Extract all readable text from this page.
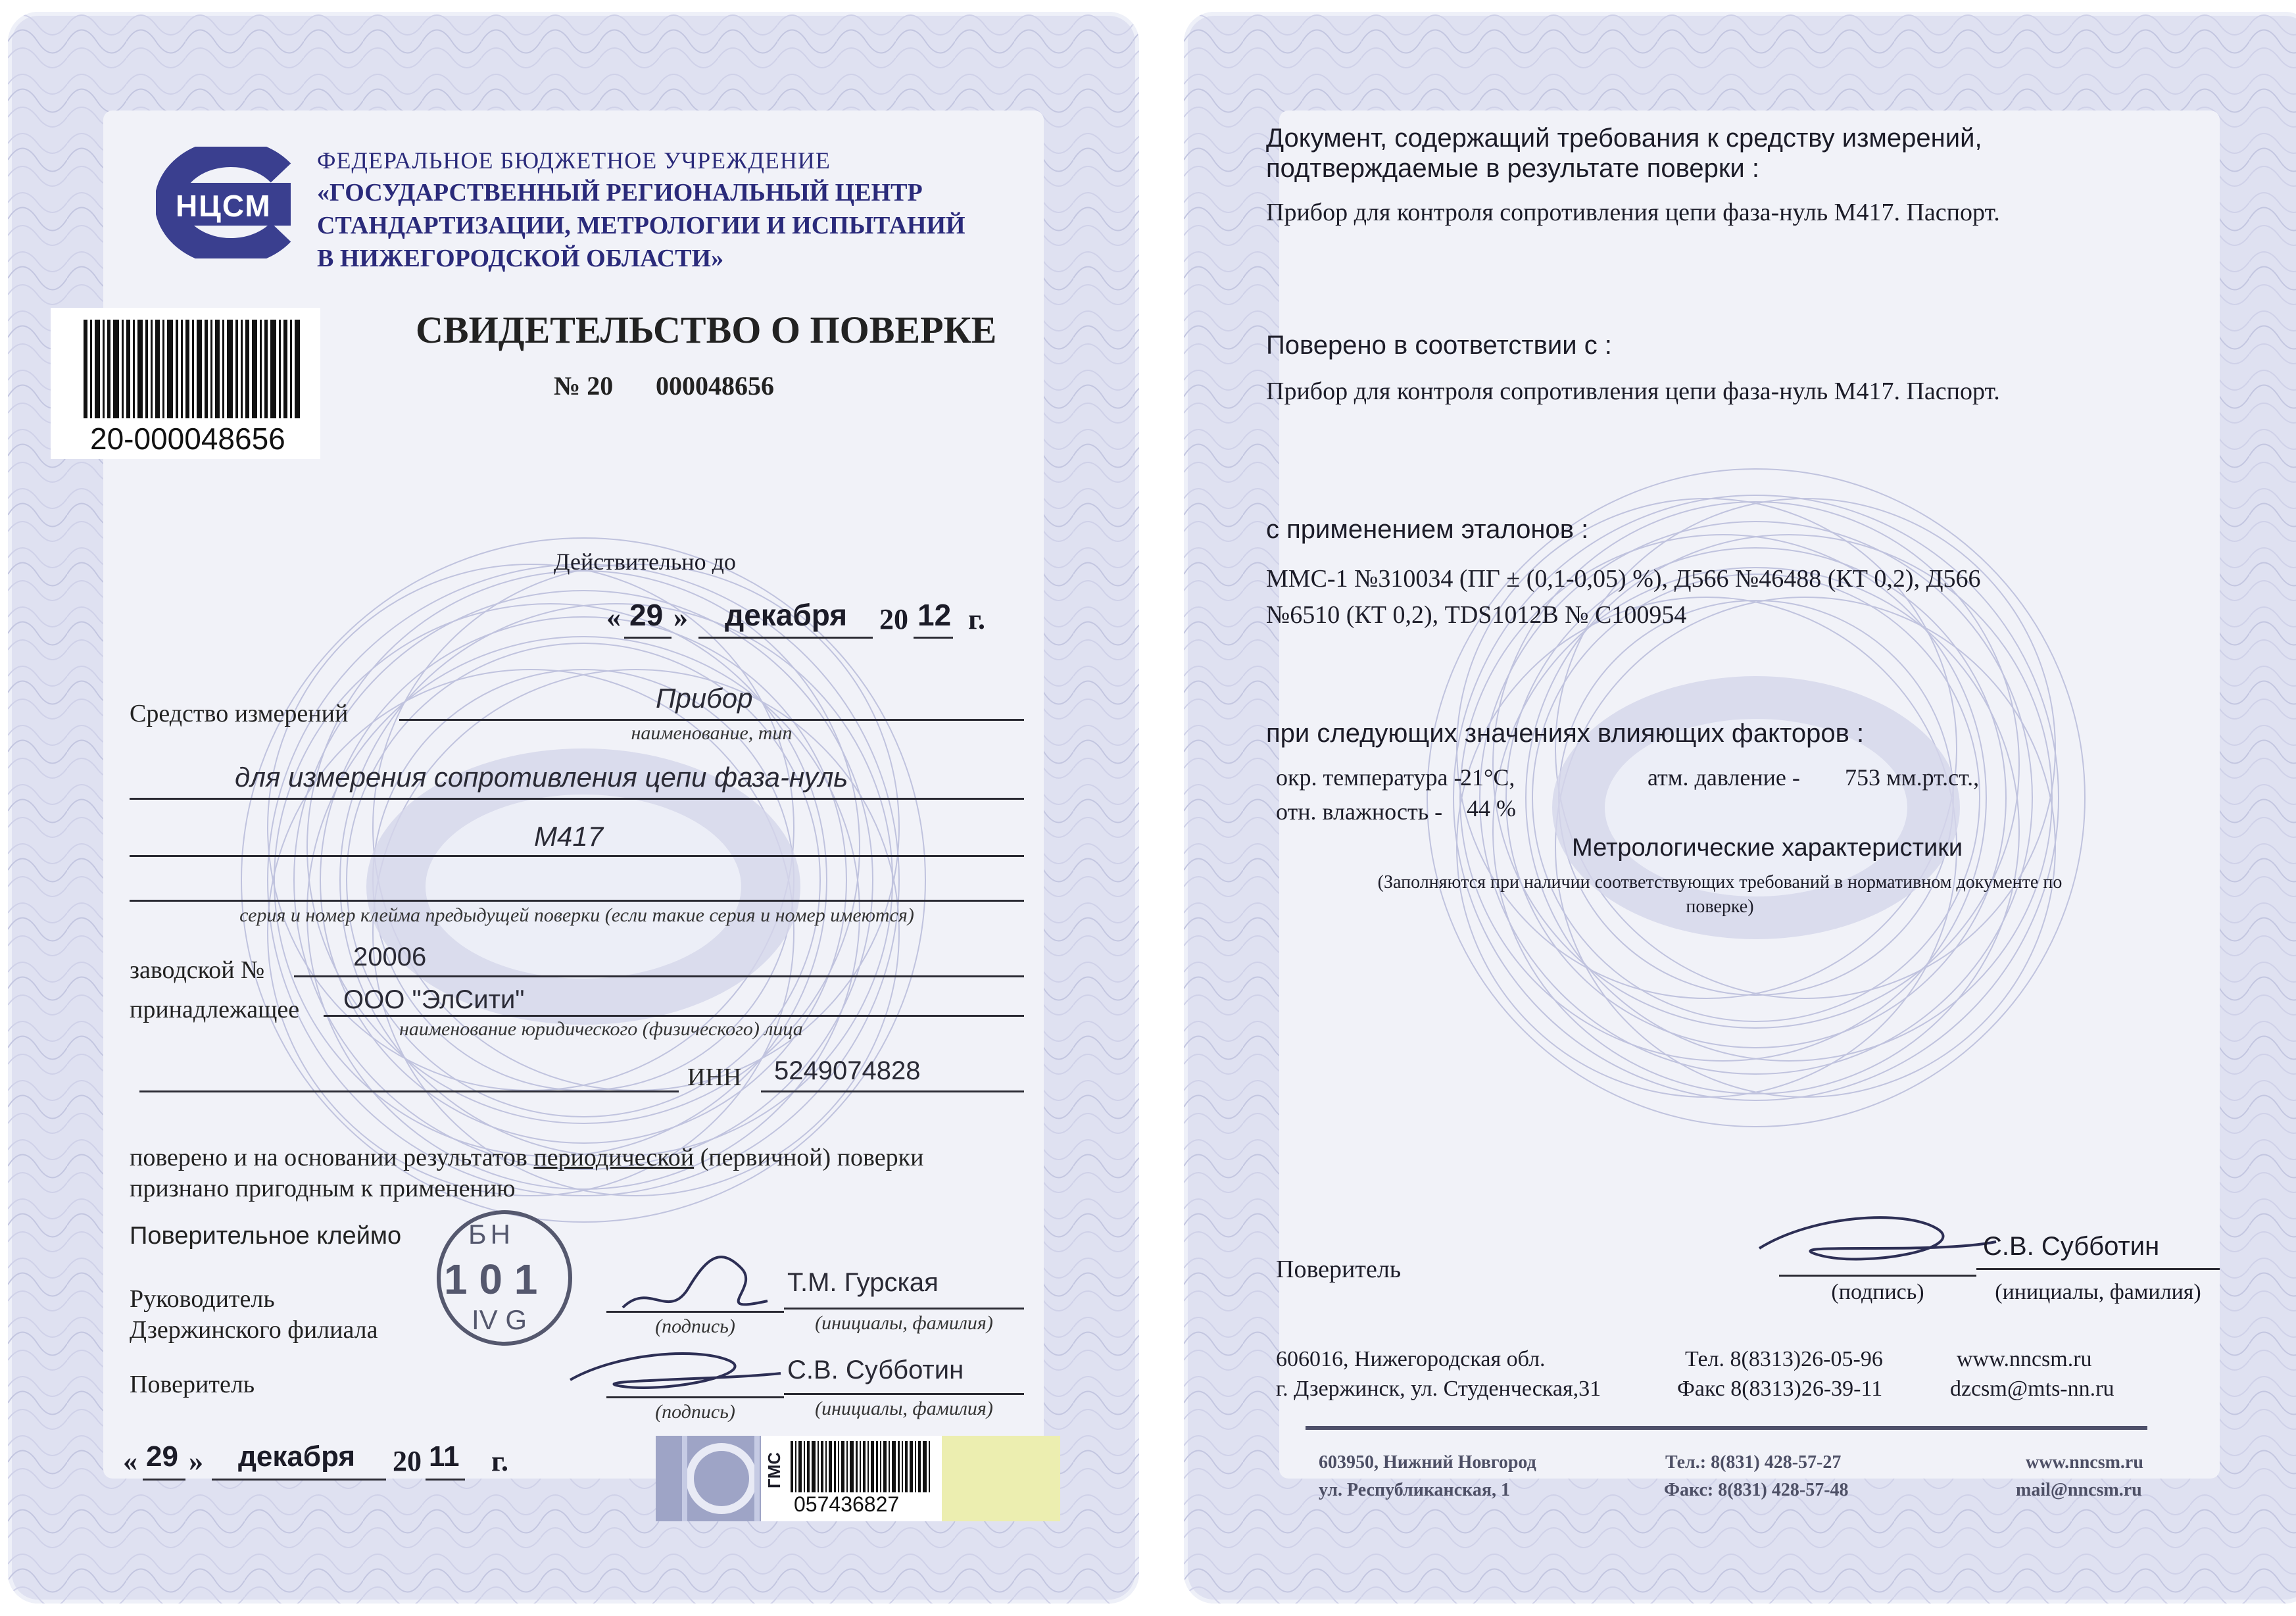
НЦСМ
ФЕДЕРАЛЬНОЕ БЮДЖЕТНОЕ УЧРЕЖДЕНИЕ
«ГОСУДАРСТВЕННЫЙ РЕГИОНАЛЬНЫЙ ЦЕНТР
СТАНДАРТИЗАЦИИ, МЕТРОЛОГИИ И ИСПЫТАНИЙ
В НИЖЕГОРОДСКОЙ ОБЛАСТИ»
20-000048656
СВИДЕТЕЛЬСТВО О ПОВЕРКЕ
№ 20 000048656
Действительно до
« 29 » декабря 20 12 г.
Средство измерений	Прибор
наименование, тип
для измерения сопротивления цепи фаза-нуль
М417
серия и номер клейма предыдущей поверки (если такие серия и номер имеются)
заводской №	20006
принадлежащее ООО "ЭлСити"
наименование юридического (физического) лица
ИНН 5249074828
поверено и на основании результатов периодической (первичной) поверки
признано пригодным к применению
Поверительное клеймо БН
1 0 1
IV G
Руководитель
Дзержинского филиала	(подпись)
Т.М. Гурская
(инициалы, фамилия)
Поверитель
(подпись)
С.В. Субботин
(инициалы, фамилия)
« 29 » декабря 20 11 г.	ГМС
057436827
Документ, содержащий требования к средству измерений,
подтверждаемые в результате поверки :
Прибор для контроля сопротивления цепи фаза-нуль М417. Паспорт.
Поверено в соответствии с :
Прибор для контроля сопротивления цепи фаза-нуль М417. Паспорт.
с применением эталонов :
ММС-1 №310034 (ПГ ± (0,1-0,05) %), Д566 №46488 (КТ 0,2), Д566
№6510 (КТ 0,2), TDS1012B № C100954
при следующих значениях влияющих факторов :
окр. температура -
21°C,	атм. давление - 753 мм.рт.ст.,
отн. влажность - 44 %
Метрологические характеристики
(Заполняются при наличии соответствующих требований в нормативном документе по
поверке)
Поверитель
(подпись)
С.В. Субботин
(инициалы, фамилия)
606016, Нижегородская обл.
г. Дзержинск, ул. Студенческая,31
Тел. 8(8313)26-05-96
Факс 8(8313)26-39-11
www.nncsm.ru
dzcsm@mts-nn.ru
603950, Нижний Новгород
ул. Республиканская, 1
Тел.: 8(831) 428-57-27
Факс: 8(831) 428-57-48
www.nncsm.ru
mail@nncsm.ru
